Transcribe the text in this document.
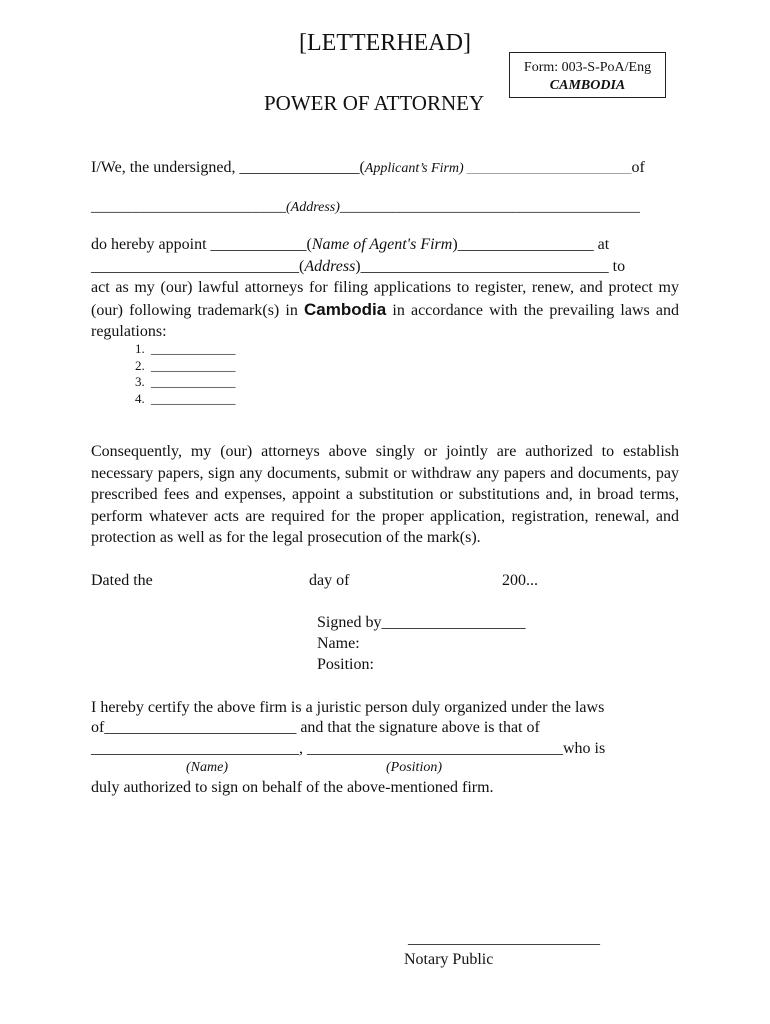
[LETTERHEAD]
Form: 003-S-PoA/Eng
CAMBODIA
POWER OF ATTORNEY
I/We, the undersigned, _______________(Applicant’s Firm) ______________________________of
__________________________(Address)________________________________________
do hereby appoint ____________(Name of Agent's Firm)_________________ at
__________________________(Address)_______________________________ to
act as my (our) lawful attorneys for filing applications to register, renew, and protect my (our) following trademark(s) in Cambodia in accordance with the prevailing laws and regulations:
1. _____________
2. _____________
3. _____________
4. _____________
Consequently, my (our) attorneys above singly or jointly are authorized to establish necessary papers, sign any documents, submit or withdraw any papers and documents, pay prescribed fees and expenses, appoint a substitution or substitutions and, in broad terms, perform whatever acts are required for the proper application, registration, renewal, and protection as well as for the legal prosecution of the mark(s).
Dated the	day of	200...
Signed by__________________
Name:
Position:
I hereby certify the above firm is a juristic person duly organized under the laws
of________________________ and that the signature above is that of
__________________________, ________________________________who is
(Name)	(Position)
duly authorized to sign on behalf of the above-mentioned firm.
________________________
Notary Public
